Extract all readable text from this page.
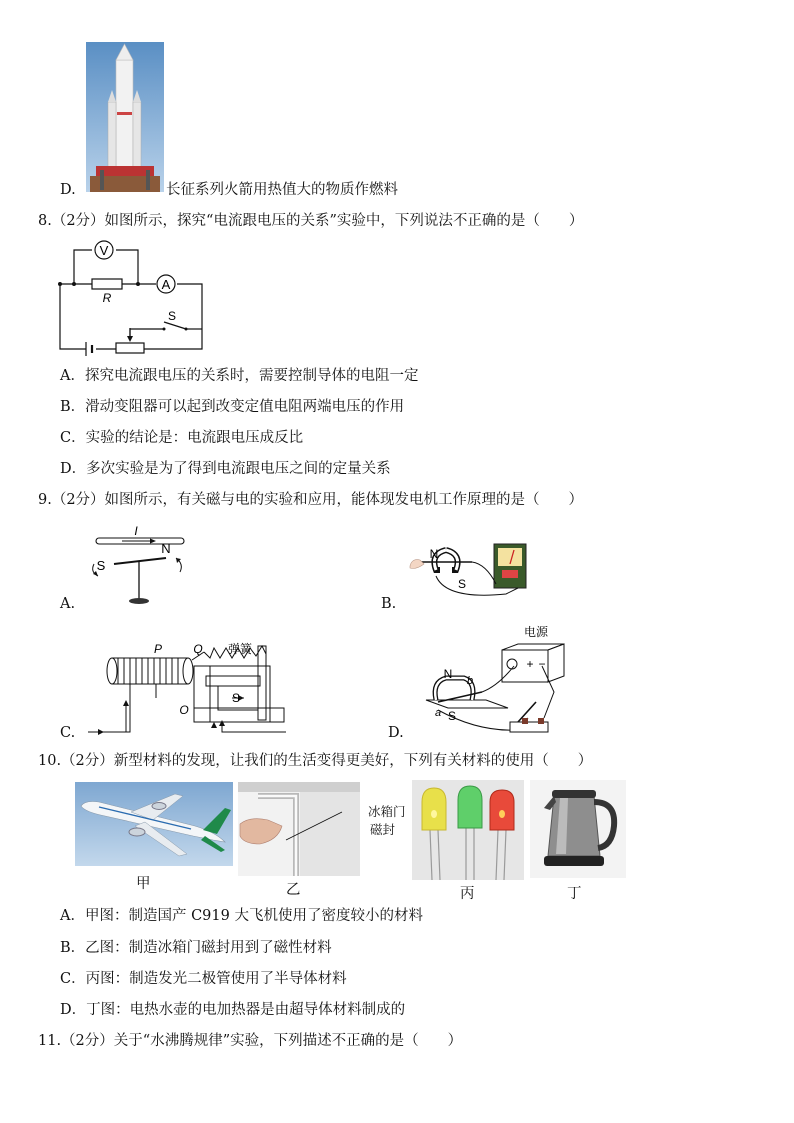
D.	长征系列火箭用热值大的物质作燃料
8.（2分）如图所示，探究“电流跟电压的关系”实验中，下列说法不正确的是（　　）
V
A
R
S
A．探究电流跟电压的关系时，需要控制导体的电阻一定
B．滑动变阻器可以起到改变定值电阻两端电压的作用
C．实验的结论是：电流跟电压成反比
D．多次实验是为了得到电流跟电压之间的定量关系
9.（2分）如图所示，有关磁与电的实验和应用，能体现发电机工作原理的是（　　）
I
S
N
A.
N
S
B.
P	Q 弹簧
S
O
C.
电源
+ −
N
S
b
a
D.
10.（2分）新型材料的发现，让我们的生活变得更美好，下列有关材料的使用（　　）
甲
冰箱门
磁封
乙	丙	丁
A．甲图：制造国产 C919 大飞机使用了密度较小的材料
B．乙图：制造冰箱门磁封用到了磁性材料
C．丙图：制造发光二极管使用了半导体材料
D．丁图：电热水壶的电加热器是由超导体材料制成的
11.（2分）关于“水沸腾规律”实验，下列描述不正确的是（　　）
